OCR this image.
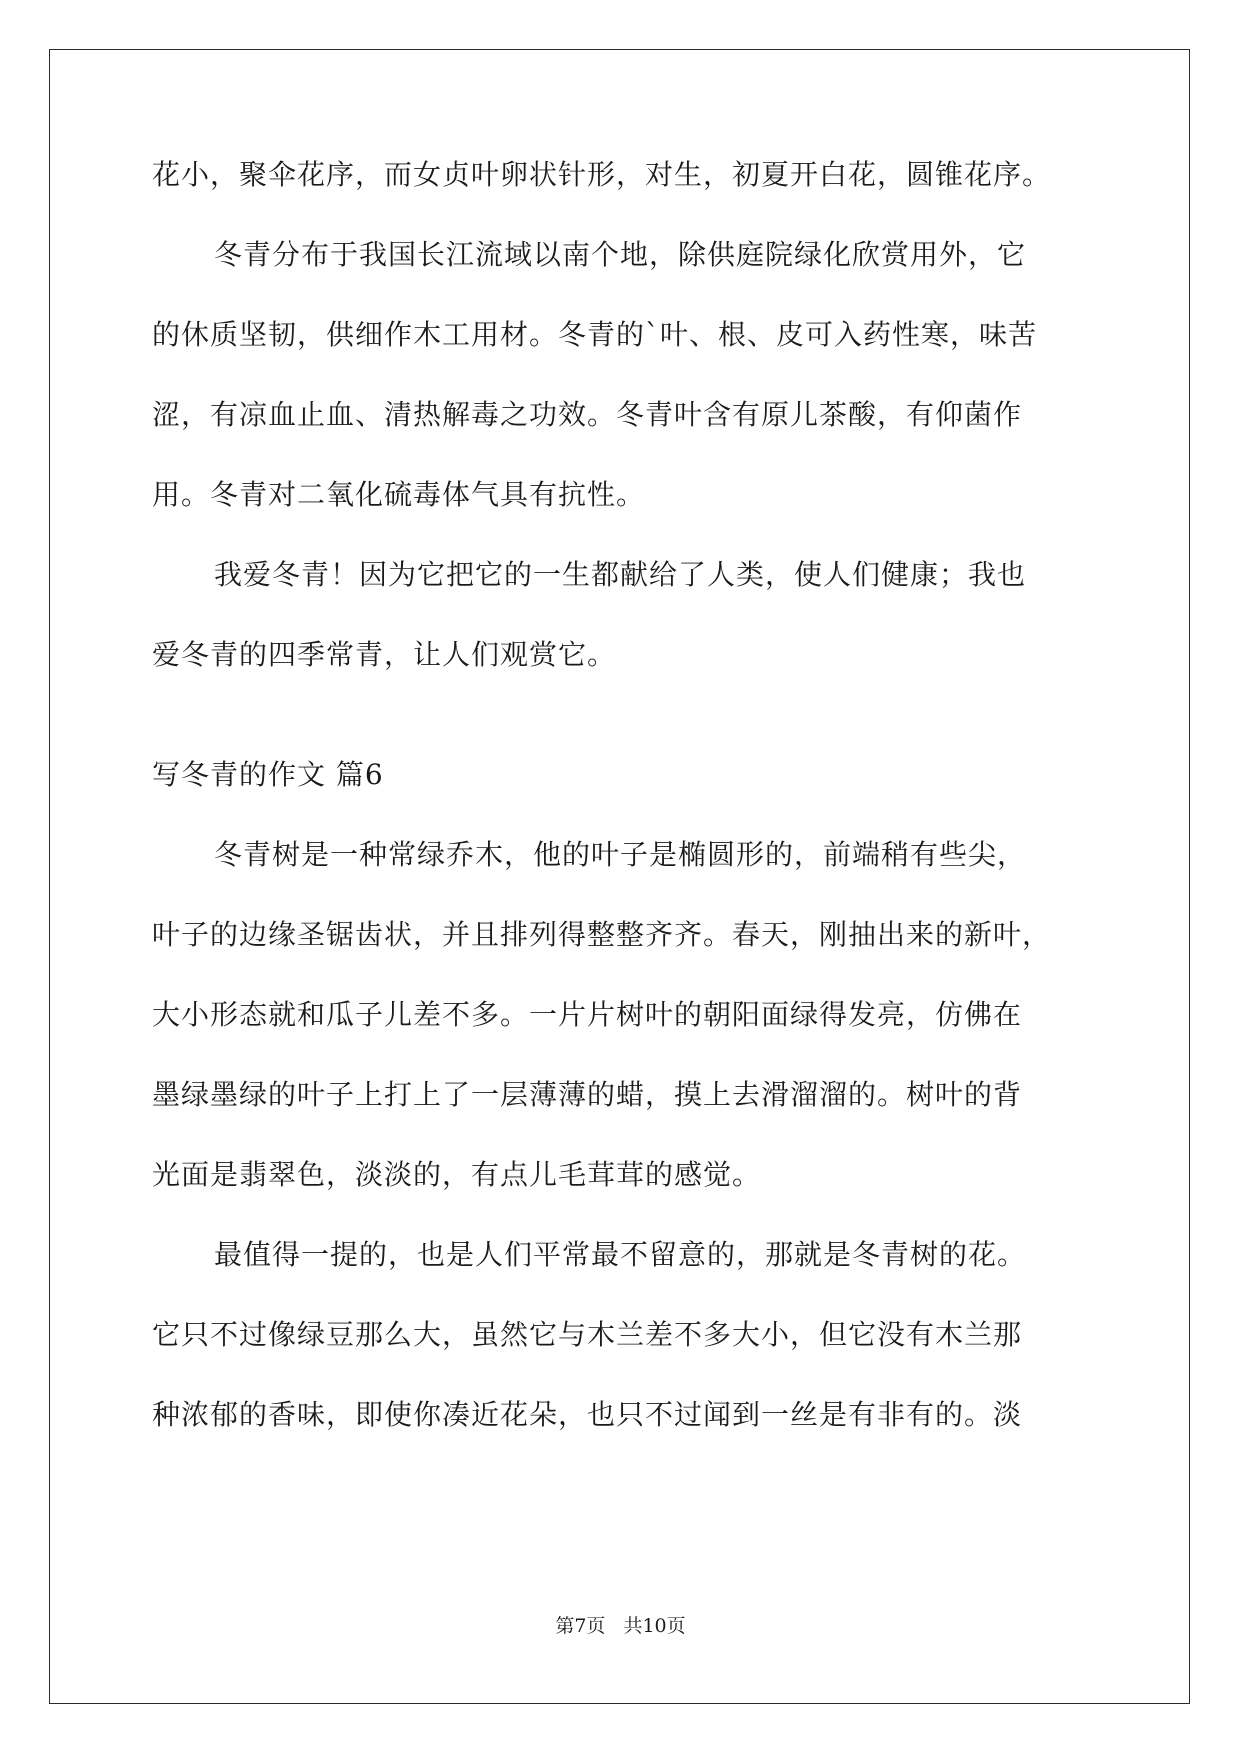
花小，聚伞花序，而女贞叶卵状针形，对生，初夏开白花，圆锥花序。
冬青分布于我国长江流域以南个地，除供庭院绿化欣赏用外，它
的休质坚韧，供细作木工用材。冬青的`叶、根、皮可入药性寒，味苦
涩，有凉血止血、清热解毒之功效。冬青叶含有原儿茶酸，有仰菌作
用。冬青对二氧化硫毒体气具有抗性。
我爱冬青！因为它把它的一生都献给了人类，使人们健康；我也
爱冬青的四季常青，让人们观赏它。
写冬青的作文 篇6
冬青树是一种常绿乔木，他的叶子是椭圆形的，前端稍有些尖，
叶子的边缘圣锯齿状，并且排列得整整齐齐。春天，刚抽出来的新叶，
大小形态就和瓜子儿差不多。一片片树叶的朝阳面绿得发亮，仿佛在
墨绿墨绿的叶子上打上了一层薄薄的蜡，摸上去滑溜溜的。树叶的背
光面是翡翠色，淡淡的，有点儿毛茸茸的感觉。
最值得一提的，也是人们平常最不留意的，那就是冬青树的花。
它只不过像绿豆那么大，虽然它与木兰差不多大小，但它没有木兰那
种浓郁的香味，即使你凑近花朵，也只不过闻到一丝是有非有的。淡
第7页 共10页
